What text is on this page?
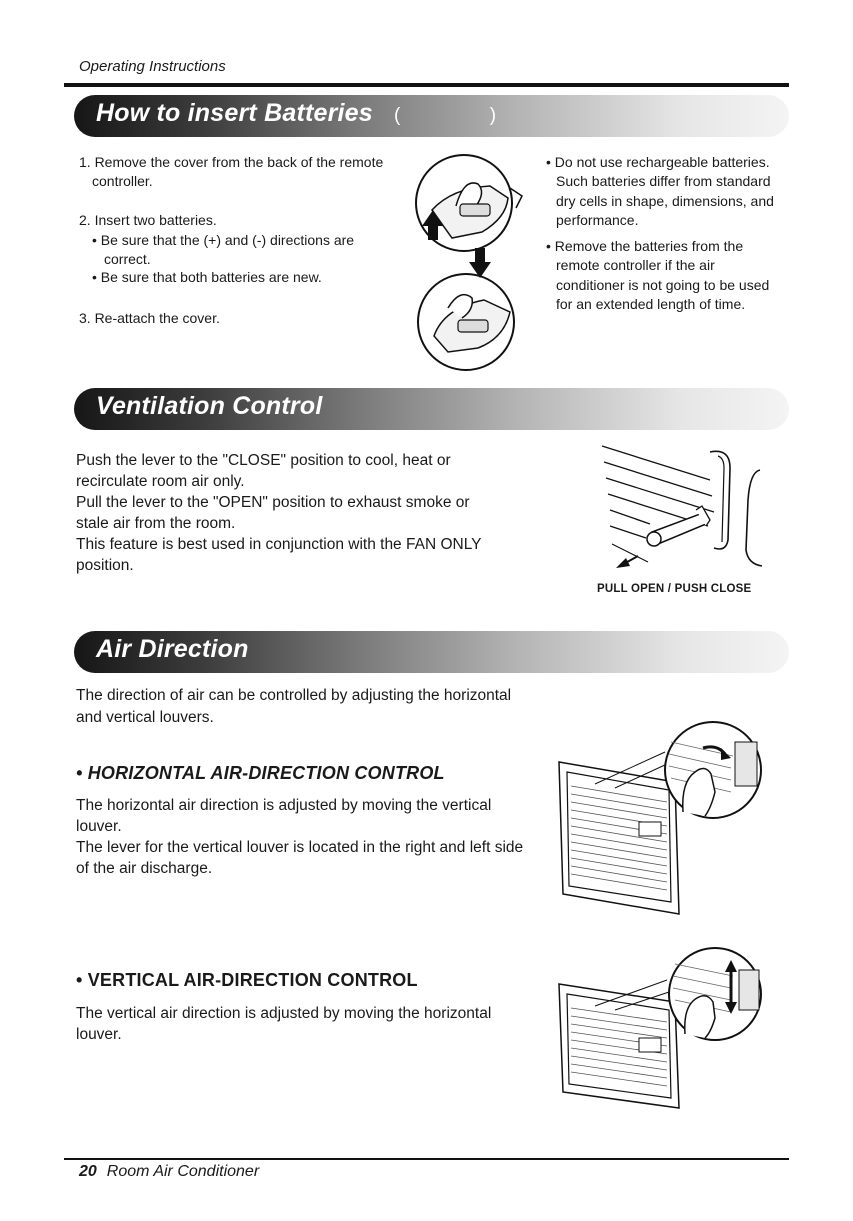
Operating Instructions
How to insert Batteries (	)
1. Remove the cover from the back of the remote
controller.
2. Insert two batteries.
• Be sure that the (+) and (-) directions are
correct.
• Be sure that both batteries are new.
3. Re-attach the cover.
• Do not use rechargeable batteries.
Such batteries differ from standard
dry cells in shape, dimensions, and
performance.
• Remove the batteries from the
remote controller if the air
conditioner is not going to be used
for an extended length of time.
Ventilation Control
Push the lever to the "CLOSE" position to cool, heat or
recirculate room air only.
Pull the lever to the "OPEN" position to exhaust smoke or
stale air from the room.
This feature is best used in conjunction with the FAN ONLY
position.
PULL OPEN / PUSH CLOSE
Air Direction
The direction of air can be controlled by adjusting the horizontal
and vertical louvers.
• HORIZONTAL AIR-DIRECTION CONTROL
The horizontal air direction is adjusted by moving the vertical
louver.
The lever for the vertical louver is located in the right and left side
of the air discharge.
• VERTICAL AIR-DIRECTION CONTROL
The vertical air direction is adjusted by moving the horizontal
louver.
20 Room Air Conditioner
